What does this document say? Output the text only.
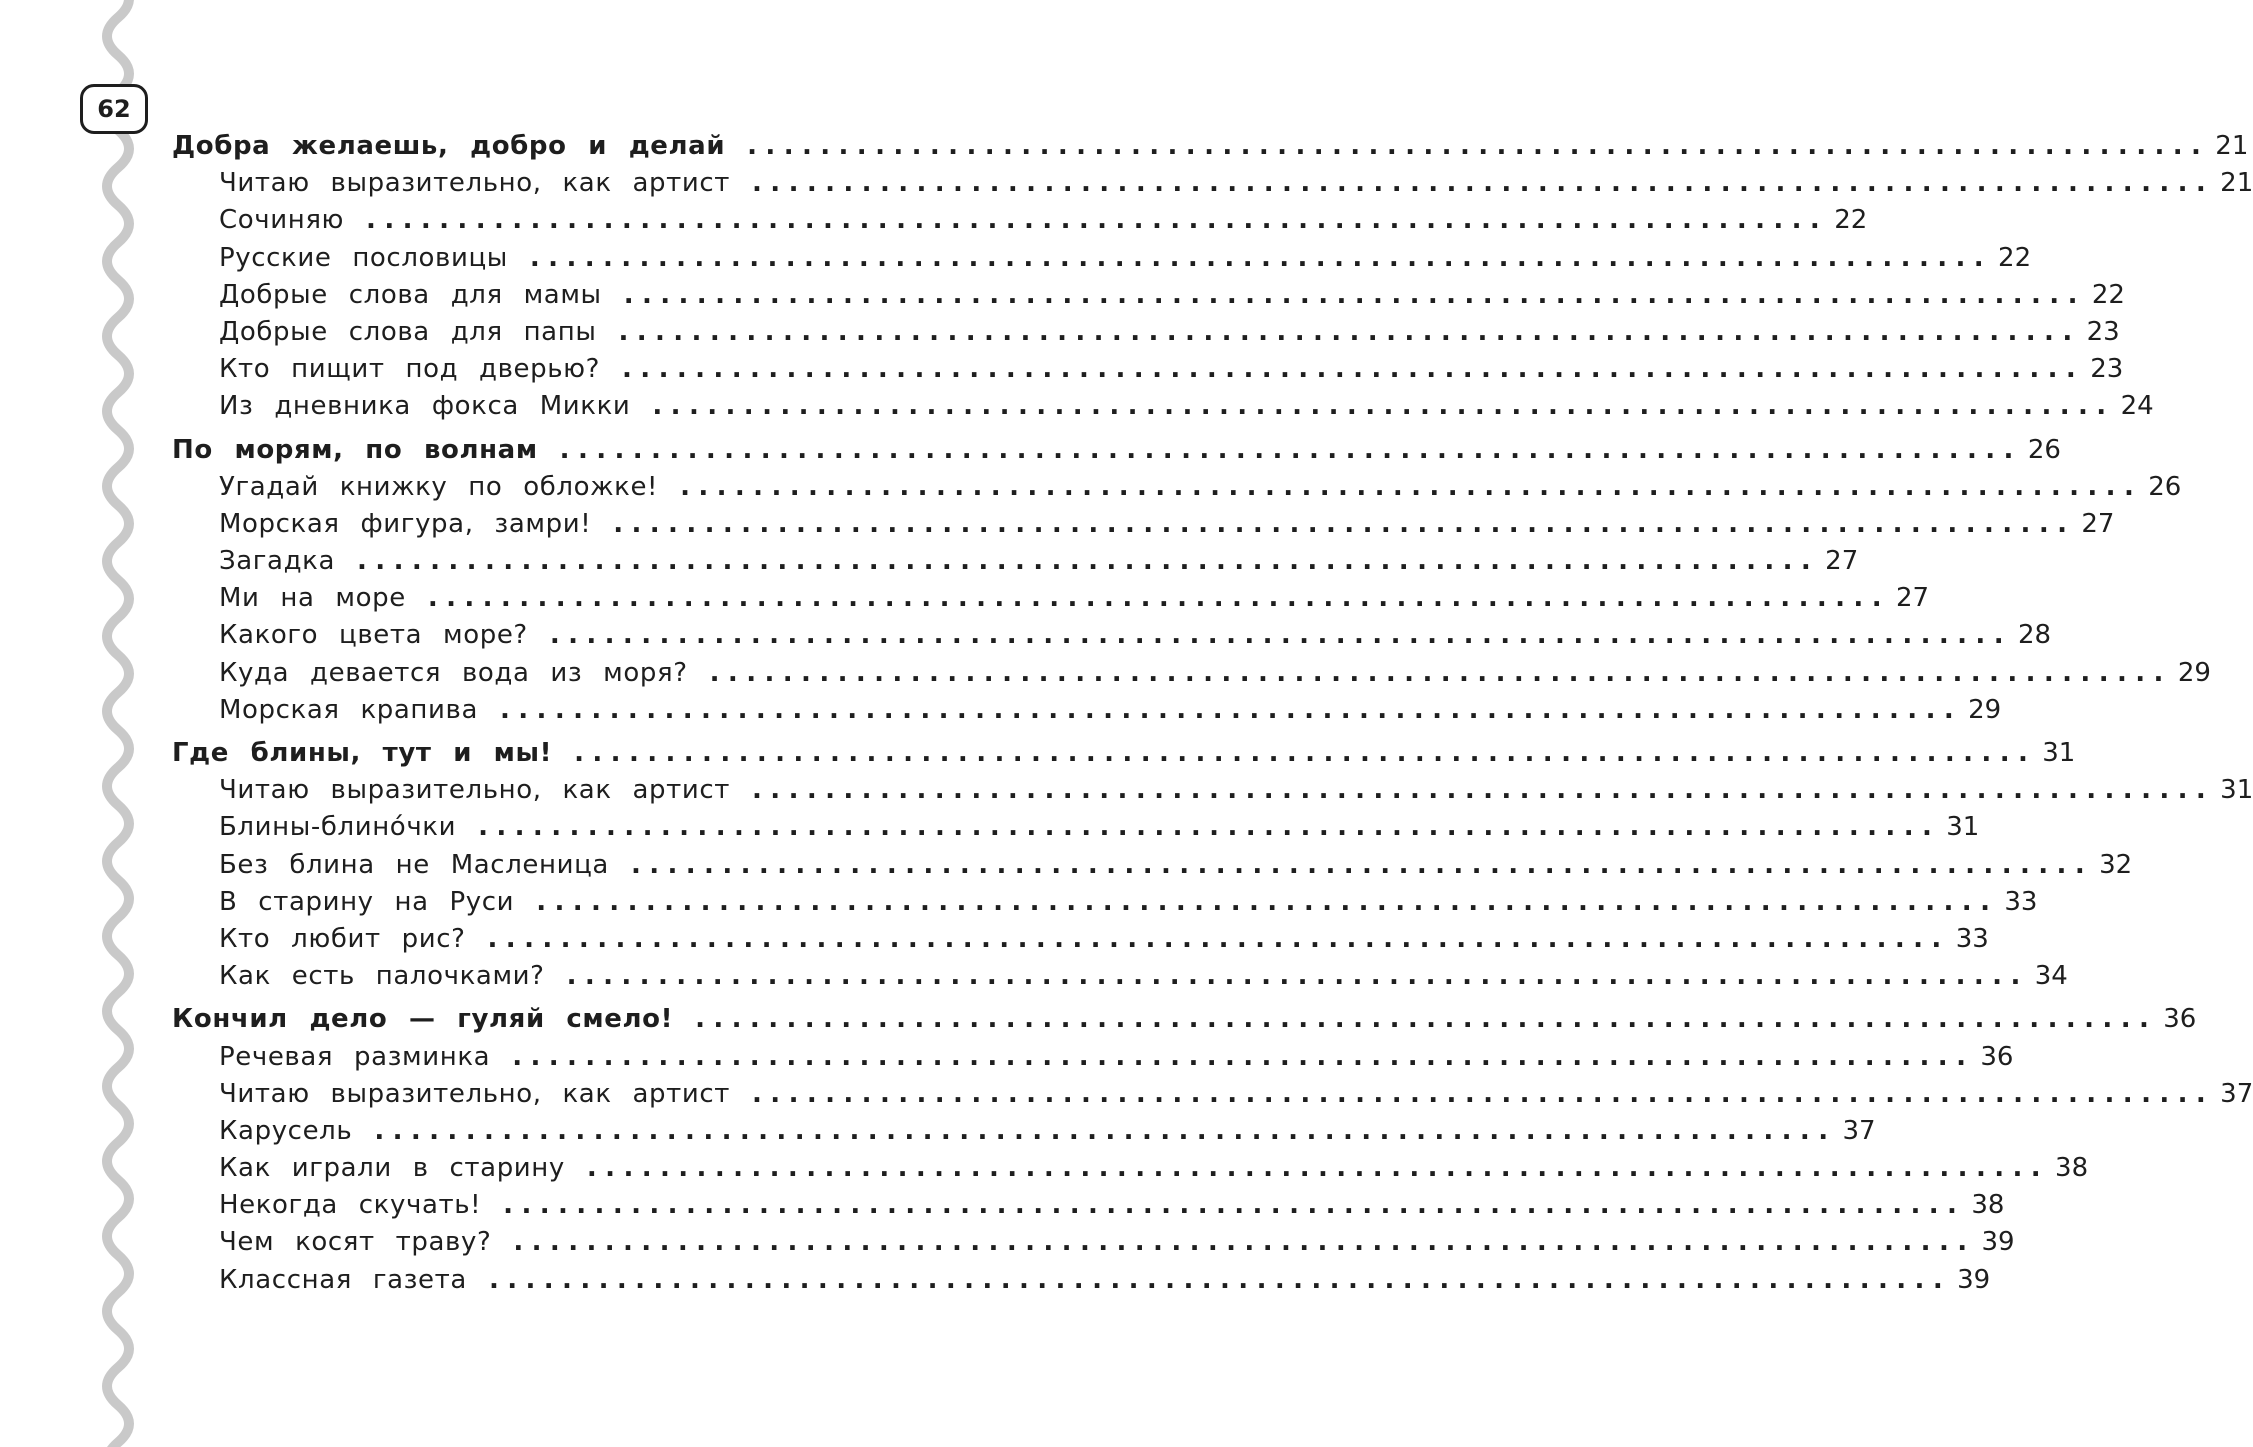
62
Добра желаешь, добро и делай ................................................................................ 21
Читаю выразительно, как артист ................................................................................ 21
Сочиняю ................................................................................ 22
Русские пословицы ................................................................................ 22
Добрые слова для мамы ................................................................................ 22
Добрые слова для папы ................................................................................ 23
Кто пищит под дверью? ................................................................................ 23
Из дневника фокса Микки ................................................................................ 24
По морям, по волнам ................................................................................ 26
Угадай книжку по обложке! ................................................................................ 26
Морская фигура, замри! ................................................................................ 27
Загадка ................................................................................ 27
Ми на море ................................................................................ 27
Какого цвета море? ................................................................................ 28
Куда девается вода из моря? ................................................................................ 29
Морская крапива ................................................................................ 29
Где блины, тут и мы! ................................................................................ 31
Читаю выразительно, как артист ................................................................................ 31
Блины-блино́чки ................................................................................ 31
Без блина не Масленица ................................................................................ 32
В старину на Руси ................................................................................ 33
Кто любит рис? ................................................................................ 33
Как есть палочками? ................................................................................ 34
Кончил дело — гуляй смело! ................................................................................ 36
Речевая разминка ................................................................................ 36
Читаю выразительно, как артист ................................................................................ 37
Карусель ................................................................................ 37
Как играли в старину ................................................................................ 38
Некогда скучать! ................................................................................ 38
Чем косят траву? ................................................................................ 39
Классная газета ................................................................................ 39
